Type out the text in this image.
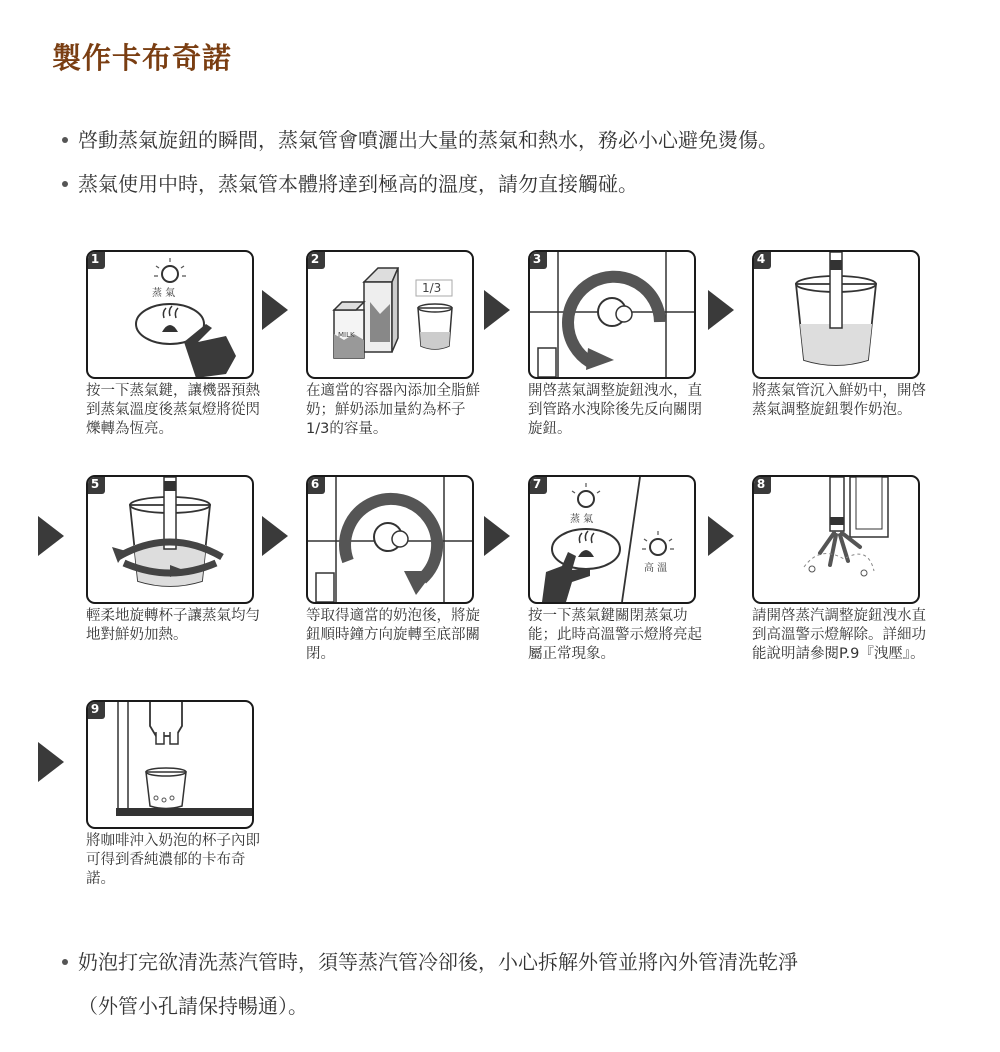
製作卡布奇諾
啓動蒸氣旋鈕的瞬間，蒸氣管會噴灑出大量的蒸氣和熱水，務必小心避免燙傷。
蒸氣使用中時，蒸氣管本體將達到極高的溫度，請勿直接觸碰。
1
蒸 氣
按一下蒸氣鍵，讓機器預熱到蒸氣溫度後蒸氣燈將從閃爍轉為恆亮。
2
1/3
MILK
在適當的容器內添加全脂鮮奶；鮮奶添加量約為杯子1/3的容量。
3
開啓蒸氣調整旋鈕洩水，直到管路水洩除後先反向關閉旋鈕。
4
將蒸氣管沉入鮮奶中，開啓蒸氣調整旋鈕製作奶泡。
5
輕柔地旋轉杯子讓蒸氣均勻地對鮮奶加熱。
6
等取得適當的奶泡後，將旋鈕順時鐘方向旋轉至底部關閉。
7
蒸 氣
高 溫
按一下蒸氣鍵關閉蒸氣功能；此時高溫警示燈將亮起屬正常現象。
8
請開啓蒸汽調整旋鈕洩水直到高溫警示燈解除。詳細功能說明請參閱P.9『洩壓』。
9
將咖啡沖入奶泡的杯子內即可得到香純濃郁的卡布奇諾。
奶泡打完欲清洗蒸汽管時，須等蒸汽管冷卻後，小心拆解外管並將內外管清洗乾淨
（外管小孔請保持暢通）。
